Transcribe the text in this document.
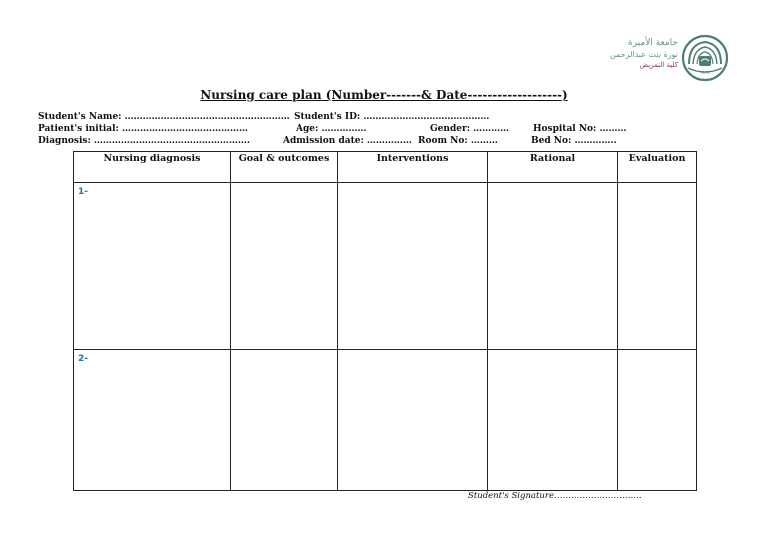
جامعة الأميرة
نورة بنت عبدالرحمن
كلية التمريض
١٤٢٨

Nursing care plan (Number-------& Date-------------------)

Student's Name: ……………….……………………………… Student's ID: ……………………………………

Patient's initial: ……………………………………	Age: ……………	Gender: …………	Hospital No: ………

Diagnosis: …………………………………………….	Admission date: …………… Room No: ………	Bed No: …………..

Nursing diagnosis	Goal & outcomes	Interventions	Rational	Evaluation

1-				

2-				

Student's Signature………………………….
